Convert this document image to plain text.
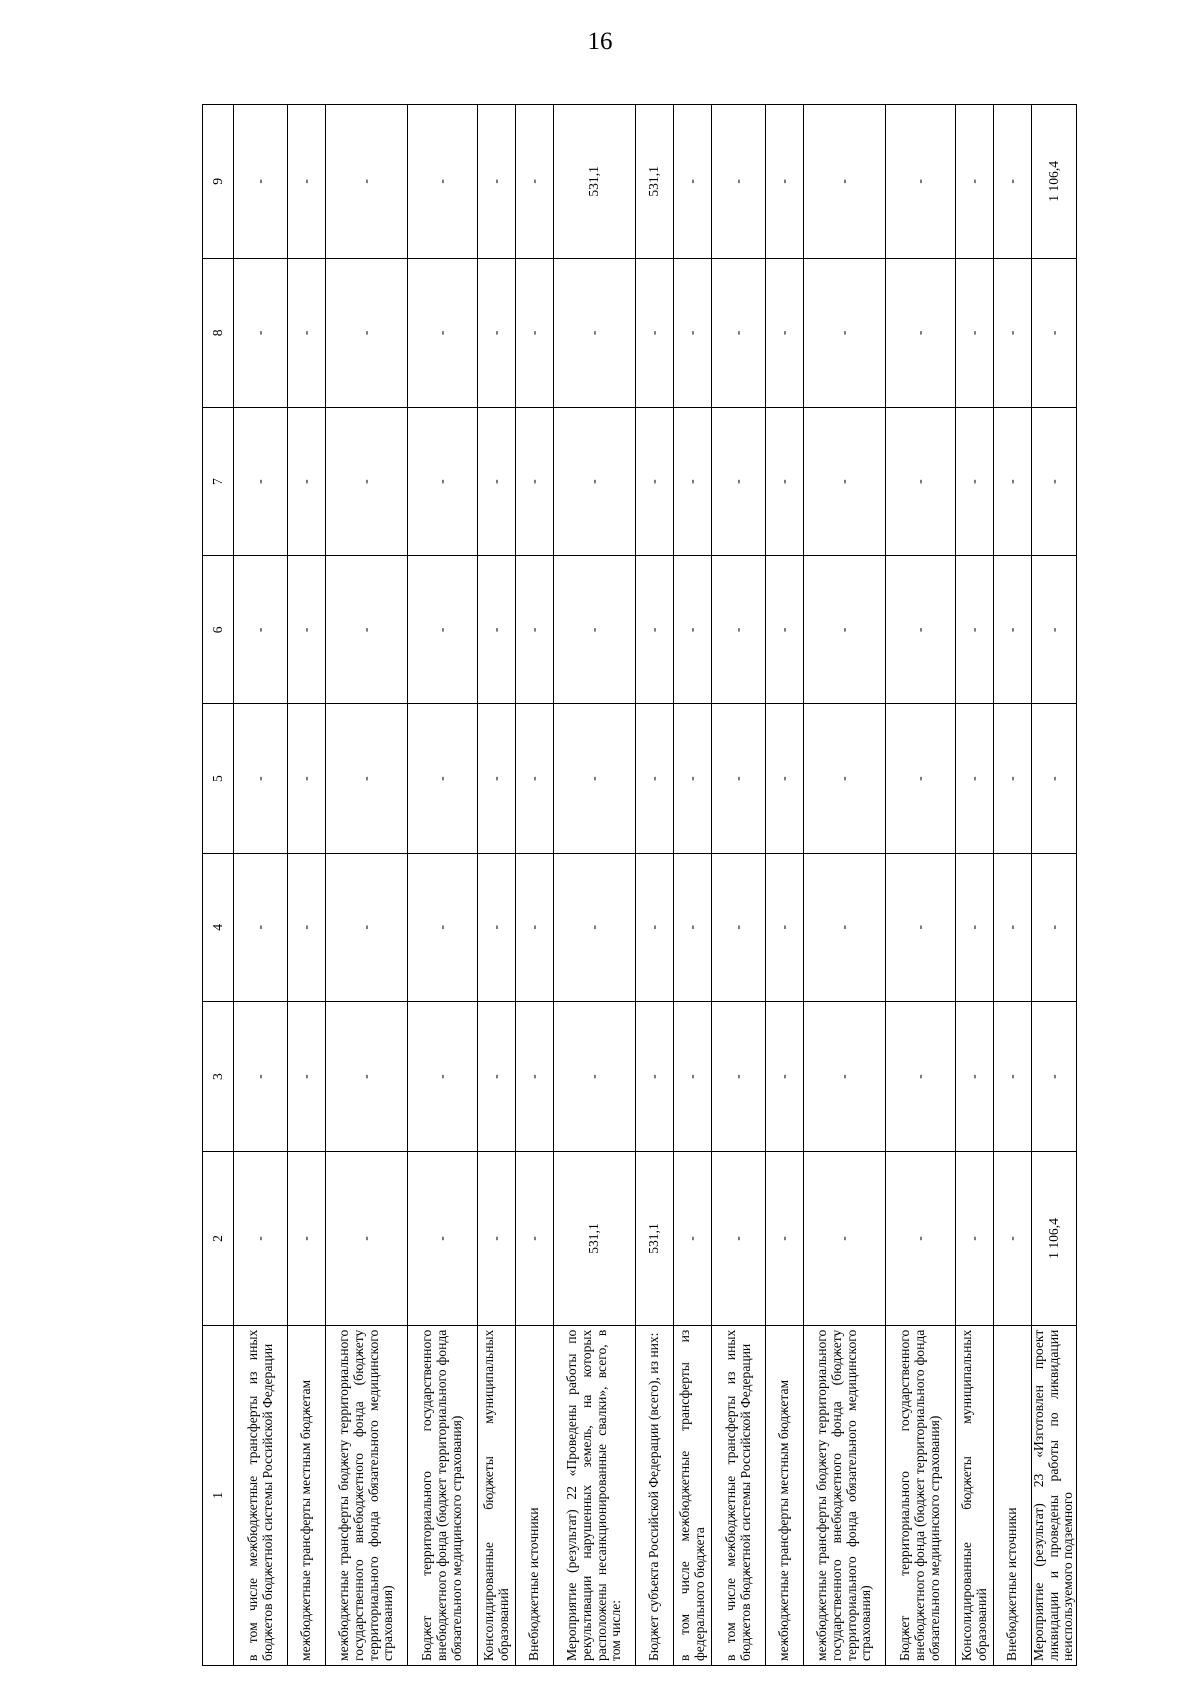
16
1	2	3	4	5	6	7	8	9

в том числе межбюджетные трансферты из иных бюджетов бюджетной системы Российской Федерации	-	-	-	-	-	-	-	-

межбюджетные трансферты местным бюджетам	-	-	-	-	-	-	-	-

межбюджетные трансферты бюджету территориального государственного внебюджетного фонда (бюджету территориального фонда обязательного медицинского страхования)	-	-	-	-	-	-	-	-

Бюджет территориального государственного внебюджетного фонда (бюджет территориального фонда обязательного медицинского страхования)	-	-	-	-	-	-	-	-

Консолидированные бюджеты муниципальных образований	-	-	-	-	-	-	-	-

Внебюджетные источники	-	-	-	-	-	-	-	-

Мероприятие (результат) 22 «Проведены работы по рекультивации нарушенных земель, на которых расположены несанкционированные свалки», всего, в том числе:	531,1	-	-	-	-	-	-	531,1

Бюджет субъекта Российской Федерации (всего), из них:	531,1	-	-	-	-	-	-	531,1

в том числе межбюджетные трансферты из федерального бюджета	-	-	-	-	-	-	-	-

в том числе межбюджетные трансферты из иных бюджетов бюджетной системы Российской Федерации	-	-	-	-	-	-	-	-

межбюджетные трансферты местным бюджетам	-	-	-	-	-	-	-	-

межбюджетные трансферты бюджету территориального государственного внебюджетного фонда (бюджету территориального фонда обязательного медицинского страхования)	-	-	-	-	-	-	-	-

Бюджет территориального государственного внебюджетного фонда (бюджет территориального фонда обязательного медицинского страхования)	-	-	-	-	-	-	-	-

Консолидированные бюджеты муниципальных образований	-	-	-	-	-	-	-	-

Внебюджетные источники	-	-	-	-	-	-	-	-

Мероприятие (результат) 23 «Изготовлен проект ликвидации и проведены работы по ликвидации неиспользуемого подземного	1 106,4	-	-	-	-	-	-	1 106,4
